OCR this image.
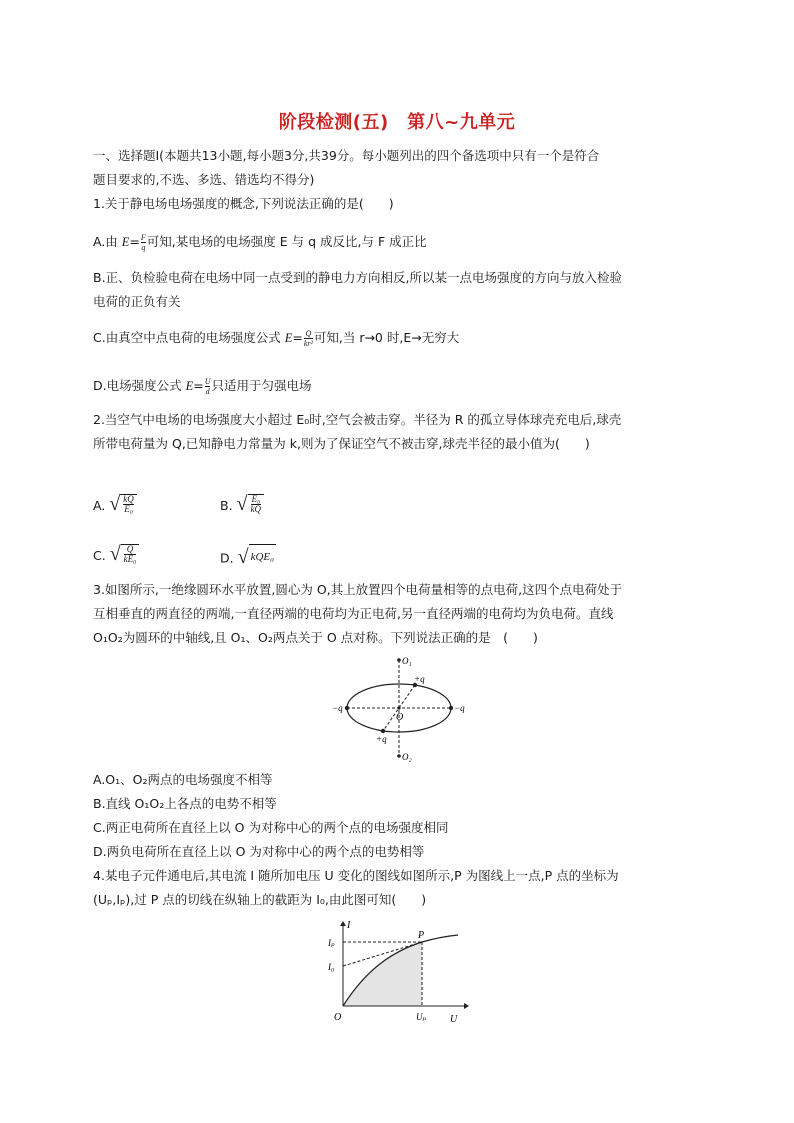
阶段检测(五)　第八~九单元
一、选择题Ⅰ(本题共13小题,每小题3分,共39分。每小题列出的四个备选项中只有一个是符合
题目要求的,不选、多选、错选均不得分)
1.关于静电场电场强度的概念,下列说法正确的是(　　)
A.由 $E= \frac{F}{q}$ 可知,某电场的电场强度 E 与 q 成反比,与 F 成正比
B.正、负检验电荷在电场中同一点受到的静电力方向相反,所以某一点电场强度的方向与放入检验
电荷的正负有关
C.由真空中点电荷的电场强度公式 $E= \frac{Q}{\text{kr²}}$ 可知,当 r→0 时,E→无穷大
D.电场强度公式 $E= \frac{U}{d}$ 只适用于匀强电场
2.当空气中电场的电场强度大小超过 E₀时,空气会被击穿。半径为 R 的孤立导体球壳充电后,球壳
所带电荷量为 Q,已知静电力常量为 k,则为了保证空气不被击穿,球壳半径的最小值为(　　)
A. √ $\frac{kQ}{\text{E₀}}$	B. √ $\frac{\text{E₀}}{kQ}$
C. √ $\frac{Q}{\text{kE₀}}$	D. √ kQE₀
3.如图所示,一绝缘圆环水平放置,圆心为 O,其上放置四个电荷量相等的点电荷,这四个点电荷处于
互相垂直的两直径的两端,一直径两端的电荷均为正电荷,另一直径两端的电荷均为负电荷。直线
O₁O₂为圆环的中轴线,且 O₁、O₂两点关于 O 点对称。下列说法正确的是　(　　)
O₁
O₂
O
+q
+q
−q	−q
A.O₁、O₂两点的电场强度不相等
B.直线 O₁O₂上各点的电势不相等
C.两正电荷所在直径上以 O 为对称中心的两个点的电场强度相同
D.两负电荷所在直径上以 O 为对称中心的两个点的电势相等
4.某电子元件通电后,其电流 I 随所加电压 U 变化的图线如图所示,P 为图线上一点,P 点的坐标为
(Uₚ,Iₚ),过 P 点的切线在纵轴上的截距为 I₀,由此图可知(　　)
I
U
O
P
Iₚ
I₀
Uₚ
